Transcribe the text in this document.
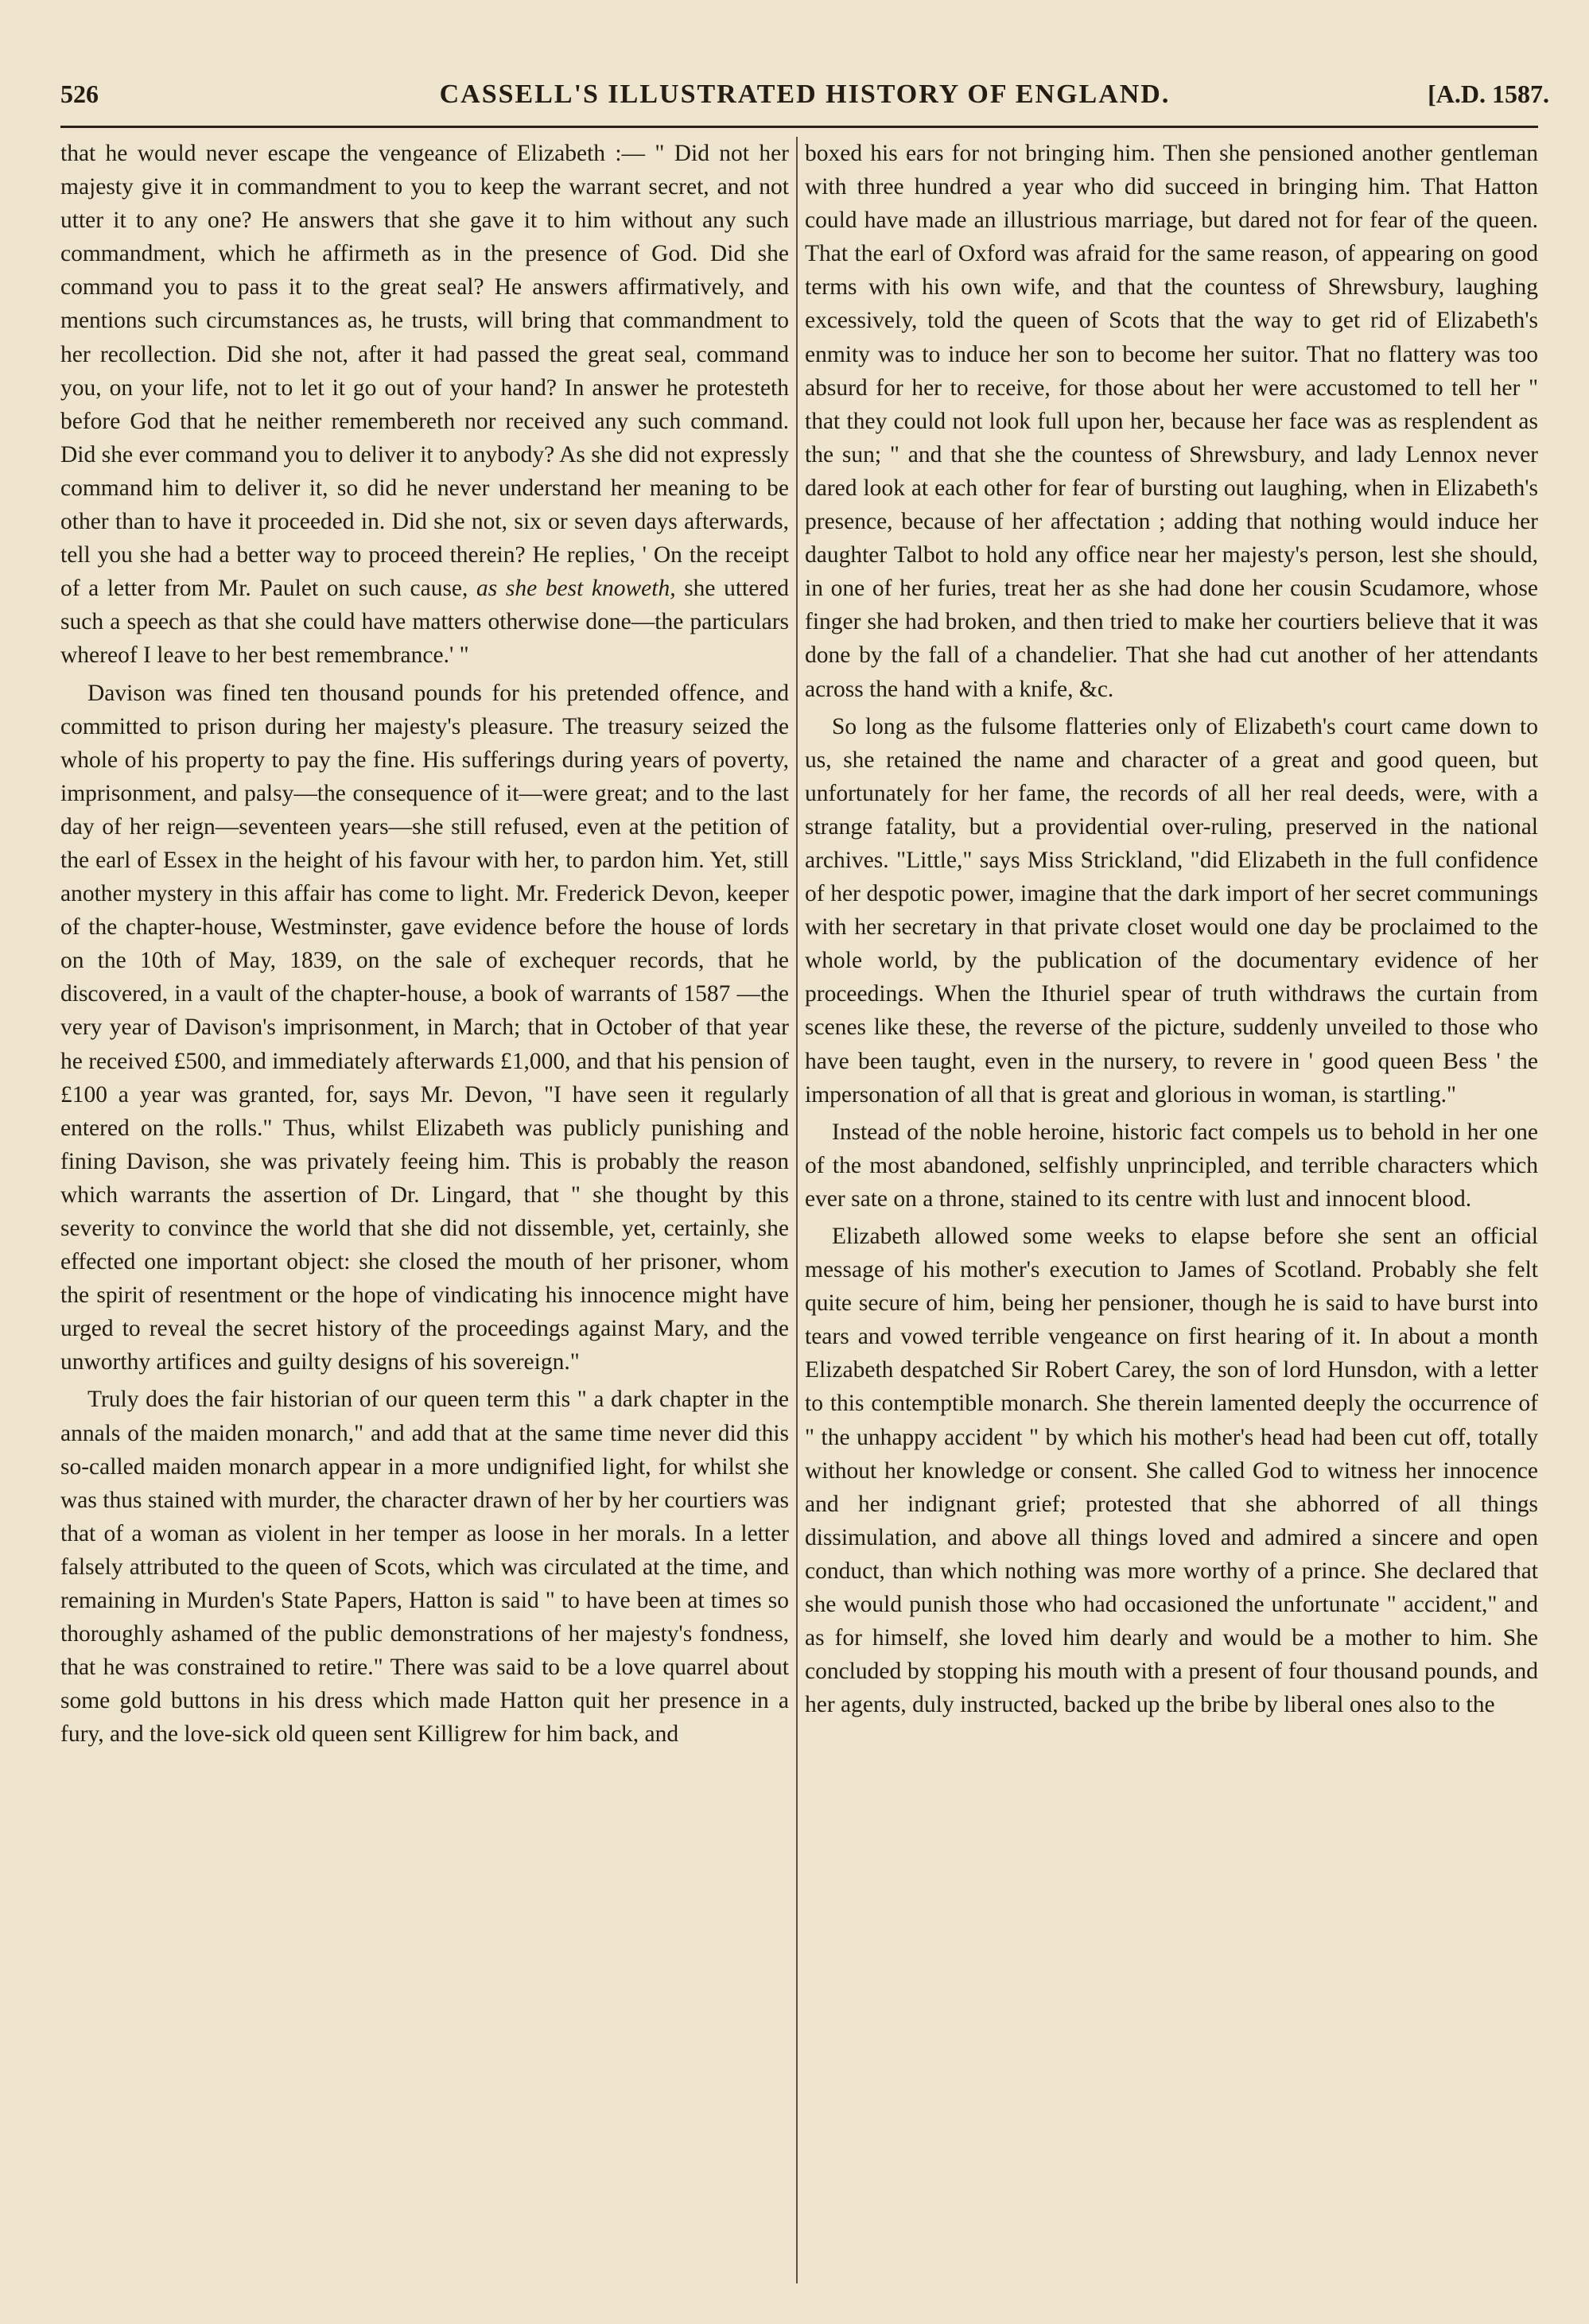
526	CASSELL'S ILLUSTRATED HISTORY OF ENGLAND.	[A.D. 1587.

that he would never escape the vengeance of Elizabeth :— " Did not her majesty give it in commandment to you to keep the warrant secret, and not utter it to any one? He answers that she gave it to him without any such commandment, which he affirmeth as in the presence of God. Did she command you to pass it to the great seal? He answers affirmatively, and mentions such circumstances as, he trusts, will bring that commandment to her recollection. Did she not, after it had passed the great seal, command you, on your life, not to let it go out of your hand? In answer he protesteth before God that he neither remembereth nor received any such command. Did she ever command you to deliver it to anybody? As she did not expressly command him to deliver it, so did he never understand her meaning to be other than to have it proceeded in. Did she not, six or seven days afterwards, tell you she had a better way to proceed therein? He replies, ' On the receipt of a letter from Mr. Paulet on such cause, as she best knoweth, she uttered such a speech as that she could have matters otherwise done—the particulars whereof I leave to her best remembrance.' "

Davison was fined ten thousand pounds for his pretended offence, and committed to prison during her majesty's pleasure. The treasury seized the whole of his property to pay the fine. His sufferings during years of poverty, imprisonment, and palsy—the consequence of it—were great; and to the last day of her reign—seventeen years—she still refused, even at the petition of the earl of Essex in the height of his favour with her, to pardon him. Yet, still another mystery in this affair has come to light. Mr. Frederick Devon, keeper of the chapter-house, Westminster, gave evidence before the house of lords on the 10th of May, 1839, on the sale of exchequer records, that he discovered, in a vault of the chapter-house, a book of warrants of 1587 —the very year of Davison's imprisonment, in March; that in October of that year he received £500, and immediately afterwards £1,000, and that his pension of £100 a year was granted, for, says Mr. Devon, "I have seen it regularly entered on the rolls." Thus, whilst Elizabeth was publicly punishing and fining Davison, she was privately feeing him. This is probably the reason which warrants the assertion of Dr. Lingard, that " she thought by this severity to convince the world that she did not dissemble, yet, certainly, she effected one important object: she closed the mouth of her prisoner, whom the spirit of resentment or the hope of vindicating his innocence might have urged to reveal the secret history of the proceedings against Mary, and the unworthy artifices and guilty designs of his sovereign."

Truly does the fair historian of our queen term this " a dark chapter in the annals of the maiden monarch," and add that at the same time never did this so-called maiden monarch appear in a more undignified light, for whilst she was thus stained with murder, the character drawn of her by her courtiers was that of a woman as violent in her temper as loose in her morals. In a letter falsely attributed to the queen of Scots, which was circulated at the time, and remaining in Murden's State Papers, Hatton is said " to have been at times so thoroughly ashamed of the public demonstrations of her majesty's fondness, that he was constrained to retire." There was said to be a love quarrel about some gold buttons in his dress which made Hatton quit her presence in a fury, and the love-sick old queen sent Killigrew for him back, and

boxed his ears for not bringing him. Then she pensioned another gentleman with three hundred a year who did succeed in bringing him. That Hatton could have made an illustrious marriage, but dared not for fear of the queen. That the earl of Oxford was afraid for the same reason, of appearing on good terms with his own wife, and that the countess of Shrewsbury, laughing excessively, told the queen of Scots that the way to get rid of Elizabeth's enmity was to induce her son to become her suitor. That no flattery was too absurd for her to receive, for those about her were accustomed to tell her " that they could not look full upon her, because her face was as resplendent as the sun; " and that she the countess of Shrewsbury, and lady Lennox never dared look at each other for fear of bursting out laughing, when in Elizabeth's presence, because of her affectation ; adding that nothing would induce her daughter Talbot to hold any office near her majesty's person, lest she should, in one of her furies, treat her as she had done her cousin Scudamore, whose finger she had broken, and then tried to make her courtiers believe that it was done by the fall of a chandelier. That she had cut another of her attendants across the hand with a knife, &c.

So long as the fulsome flatteries only of Elizabeth's court came down to us, she retained the name and character of a great and good queen, but unfortunately for her fame, the records of all her real deeds, were, with a strange fatality, but a providential over-ruling, preserved in the national archives. "Little," says Miss Strickland, "did Elizabeth in the full confidence of her despotic power, imagine that the dark import of her secret communings with her secretary in that private closet would one day be proclaimed to the whole world, by the publication of the documentary evidence of her proceedings. When the Ithuriel spear of truth withdraws the curtain from scenes like these, the reverse of the picture, suddenly unveiled to those who have been taught, even in the nursery, to revere in ' good queen Bess ' the impersonation of all that is great and glorious in woman, is startling."

Instead of the noble heroine, historic fact compels us to behold in her one of the most abandoned, selfishly unprincipled, and terrible characters which ever sate on a throne, stained to its centre with lust and innocent blood.

Elizabeth allowed some weeks to elapse before she sent an official message of his mother's execution to James of Scotland. Probably she felt quite secure of him, being her pensioner, though he is said to have burst into tears and vowed terrible vengeance on first hearing of it. In about a month Elizabeth despatched Sir Robert Carey, the son of lord Hunsdon, with a letter to this contemptible monarch. She therein lamented deeply the occurrence of " the unhappy accident " by which his mother's head had been cut off, totally without her knowledge or consent. She called God to witness her innocence and her indignant grief; protested that she abhorred of all things dissimulation, and above all things loved and admired a sincere and open conduct, than which nothing was more worthy of a prince. She declared that she would punish those who had occasioned the unfortunate " accident," and as for himself, she loved him dearly and would be a mother to him. She concluded by stopping his mouth with a present of four thousand pounds, and her agents, duly instructed, backed up the bribe by liberal ones also to the
